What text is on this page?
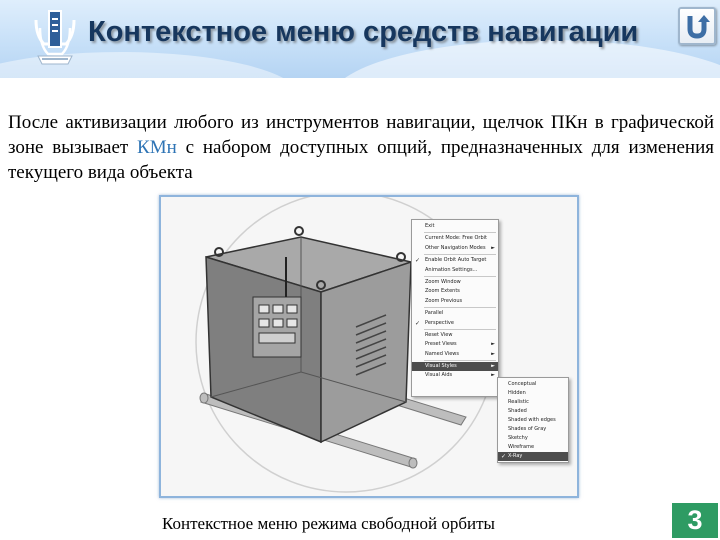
Контекстное меню средств навигации

После активизации любого из инструментов навигации, щелчок ПКн в графической зоне вызывает КМн с набором доступных опций, предназначенных для изменения текущего вида объекта

Exit
Current Mode: Free Orbit
Other Navigation Modes ►
✓ Enable Orbit Auto Target
Animation Settings...
Zoom Window
Zoom Extents
Zoom Previous
Parallel
✓ Perspective
Reset View
Preset Views	►
Named Views	►
Visual Styles	►
Visual Aids	►
Conceptual
Hidden
Realistic
Shaded
Shaded with edges
Shades of Gray
Sketchy
Wireframe
✓ X-Ray
Контекстное меню режима свободной орбиты	3
